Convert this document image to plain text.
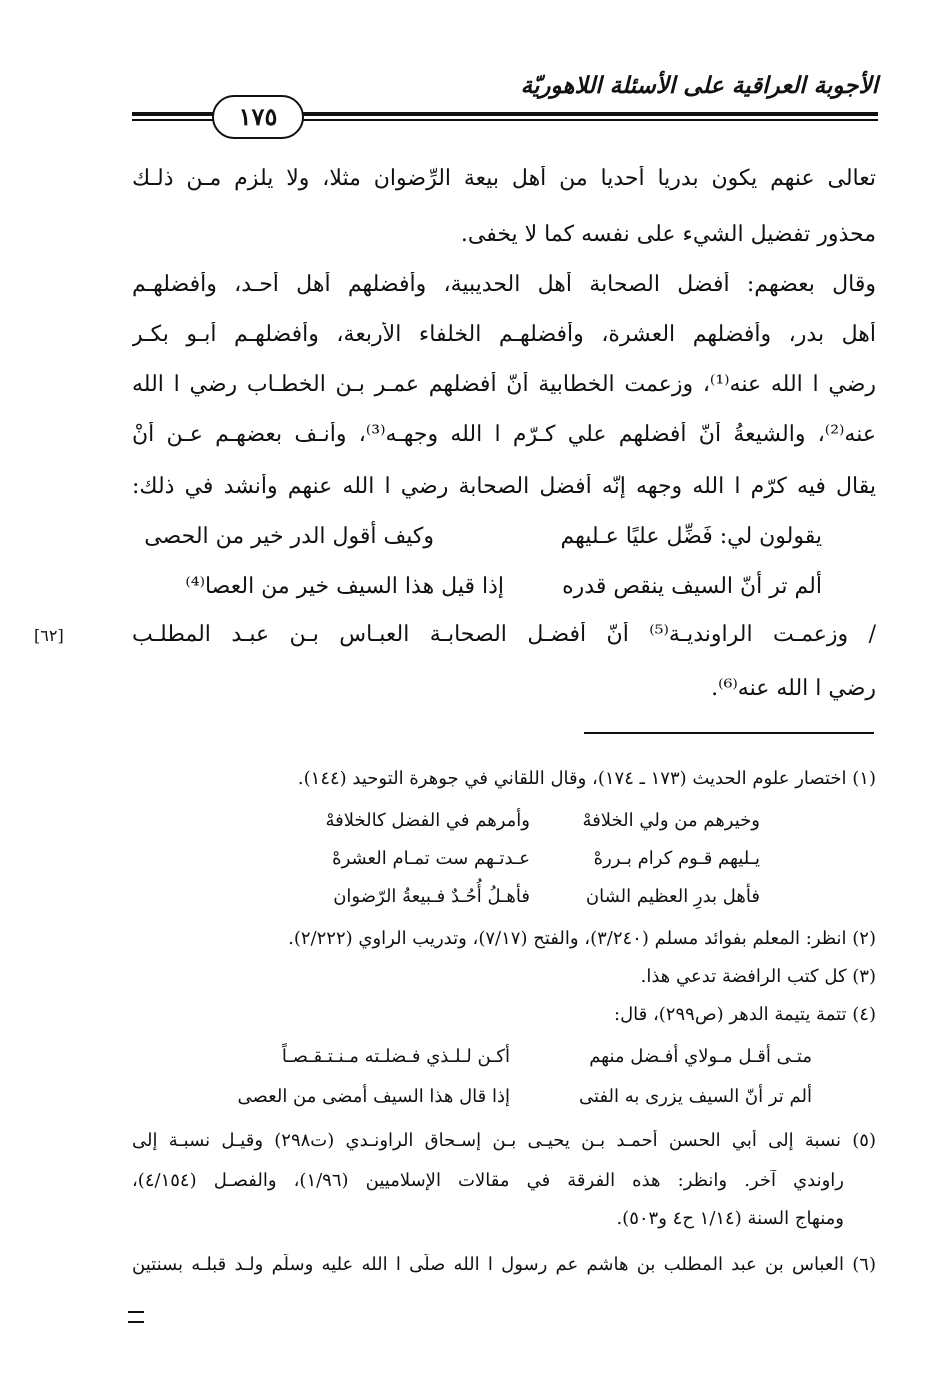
الأجوبة العراقية على الأسئلة اللاهوريّة
١٧٥
تعالى عنهم يكون بدريا أحديا من أهل بيعة الرِّضوان مثلا، ولا يلزم مـن ذلـك
محذور تفضيل الشيء على نفسه كما لا يخفى.
وقال بعضهم: أفضل الصحابة أهل الحديبية، وأفضلهم أهل أحـد، وأفضلهـم
أهل بدر، وأفضلهم العشرة، وأفضلهـم الخلفاء الأربعة، وأفضلهـم أبـو بكـر
رضي ا الله عنه⁽¹⁾، وزعمت الخطابية أنّ أفضلهم عمـر بـن الخطـاب رضي ا الله
عنه⁽²⁾، والشيعةُ أنّ أفضلهم علي كـرّم ا الله وجهـه⁽³⁾، وأنـف بعضهـم عـن أنْ
يقال فيه كرّم ا الله وجهه إنّه أفضل الصحابة رضي ا الله عنهم وأنشد في ذلك:
يقولون لي: فَضِّل عليًا عـليهم
وكيف أقول الدر خير من الحصى
ألم تر أنّ السيف ينقص قدره
إذا قيل هذا السيف خير من العصا⁽⁴⁾
/ وزعمـت الراونديـة⁽⁵⁾ أنّ أفضـل الصحابـة العبـاس بـن عبـد المطلـب
رضي ا الله عنه⁽⁶⁾.
[٦٢]
(١) اختصار علوم الحديث (١٧٣ ـ ١٧٤)، وقال اللقاني في جوهرة التوحيد (١٤٤).
وخيرهم من ولي الخلافهْ
وأمرهم في الفضل كالخلافهْ
يـليهم قـوم كرام بـررهْ
عـدتـهم ست تمـام العشرهْ
فأهل بدرِ العظيم الشان
فأهـلُ أُحُـدٌ فـبيعةُ الرّضوان
(٢) انظر: المعلم بفوائد مسلم (٣/٢٤٠)، والفتح (٧/١٧)، وتدريب الراوي (٢/٢٢٢).
(٣) كل كتب الرافضة تدعي هذا.
(٤) تتمة يتيمة الدهر (ص٢٩٩)، قال:
متـى أقـل مـولاي أفـضل منهم
أكـن لـلـذي فـضلـته مـنـتـقـصـاً
ألم تر أنّ السيف يزرى به الفتى
إذا قال هذا السيف أمضى من العصى
(٥) نسبة إلى أبي الحسن أحمـد بـن يحيـى بـن إسـحاق الراونـدي (ت٢٩٨) وقيـل نسبـة إلى
راوندي آخر. وانظر: هذه الفرقة في مقالات الإسلاميين (١/٩٦)، والفصـل (٤/١٥٤)،
ومنهاج السنة (١/١٤ ح٤ و٥٠٣).
(٦) العباس بن عبد المطلب بن هاشم عم رسول ا الله صلّى ا الله عليه وسلّم ولـد قبلـه بسنتين
